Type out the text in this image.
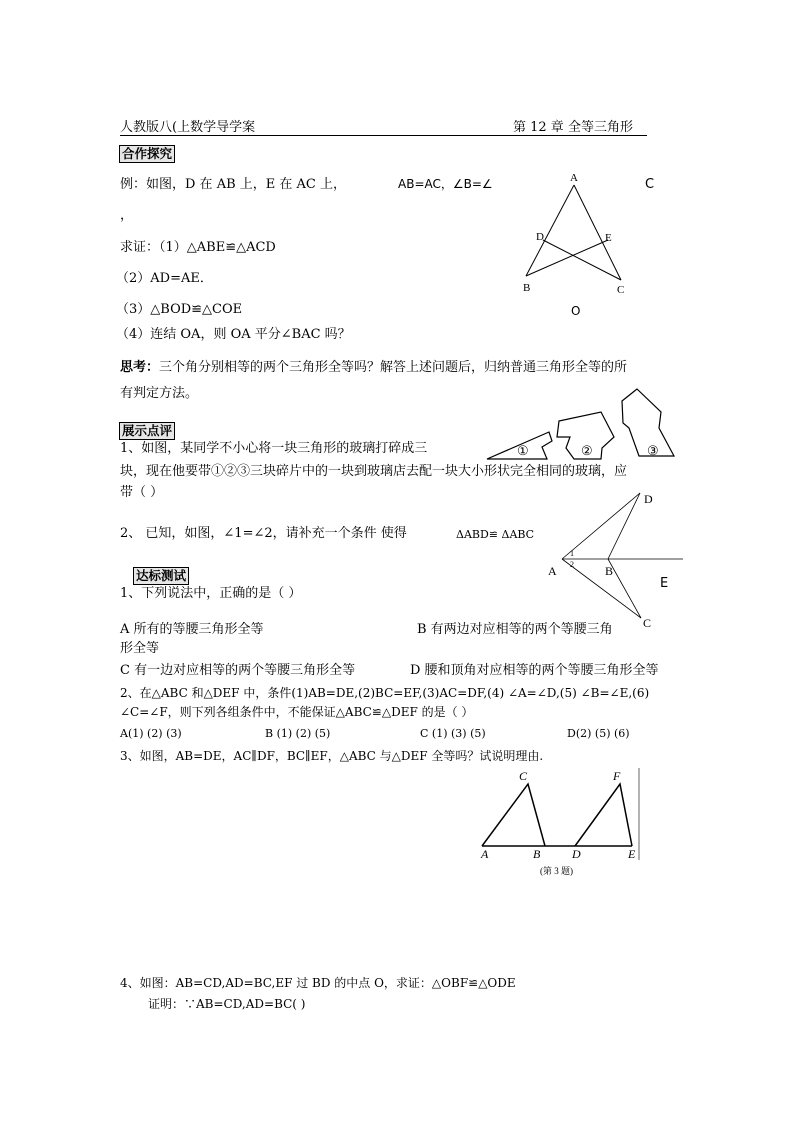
人教版八(上数学导学案	第 12 章 全等三角形
合作探究
例：如图，D 在 AB 上，E 在 AC 上，	AB=AC，∠B=∠	C
，
求证：（1）△ABE≌△ACD
（2）AD=AE．
（3）△BOD≌△COE
（4）连结 OA，则 OA 平分∠BAC 吗？
O
A
D	E
B	C
思考：三个角分别相等的两个三角形全等吗？解答上述问题后，归纳普通三角形全等的所
有判定方法。
展示点评
1、如图，某同学不小心将一块三角形的玻璃打碎成三
块，现在他要带①②③三块碎片中的一块到玻璃店去配一块大小形状完全相同的玻璃，应
带（ ）
①	②	③
2、 已知，如图，∠1=∠2，请补充一个条件 使得	ΔABD≌ ΔABC
A	B
D
C
1
2
E
达标测试
1、下列说法中，正确的是（ ）
A 所有的等腰三角形全等	B 有两边对应相等的两个等腰三角
形全等
C 有一边对应相等的两个等腰三角形全等	D 腰和顶角对应相等的两个等腰三角形全等
2、在△ABC 和△DEF 中，条件(1)AB=DE,(2)BC=EF,(3)AC=DF,(4) ∠A=∠D,(5) ∠B=∠E,(6)
∠C=∠F，则下列各组条件中，不能保证△ABC≌△DEF 的是（ ）
A(1) (2) (3)	B (1) (2) (5)	C (1) (3) (5)	D(2) (5) (6)
3、如图，AB=DE，AC∥DF，BC∥EF，△ABC 与△DEF 全等吗？试说明理由.
C	F
A	B	D	E
(第 3 题)
4、如图：AB=CD,AD=BC,EF 过 BD 的中点 O，求证：△OBF≌△ODE
证明：∵AB=CD,AD=BC( )
